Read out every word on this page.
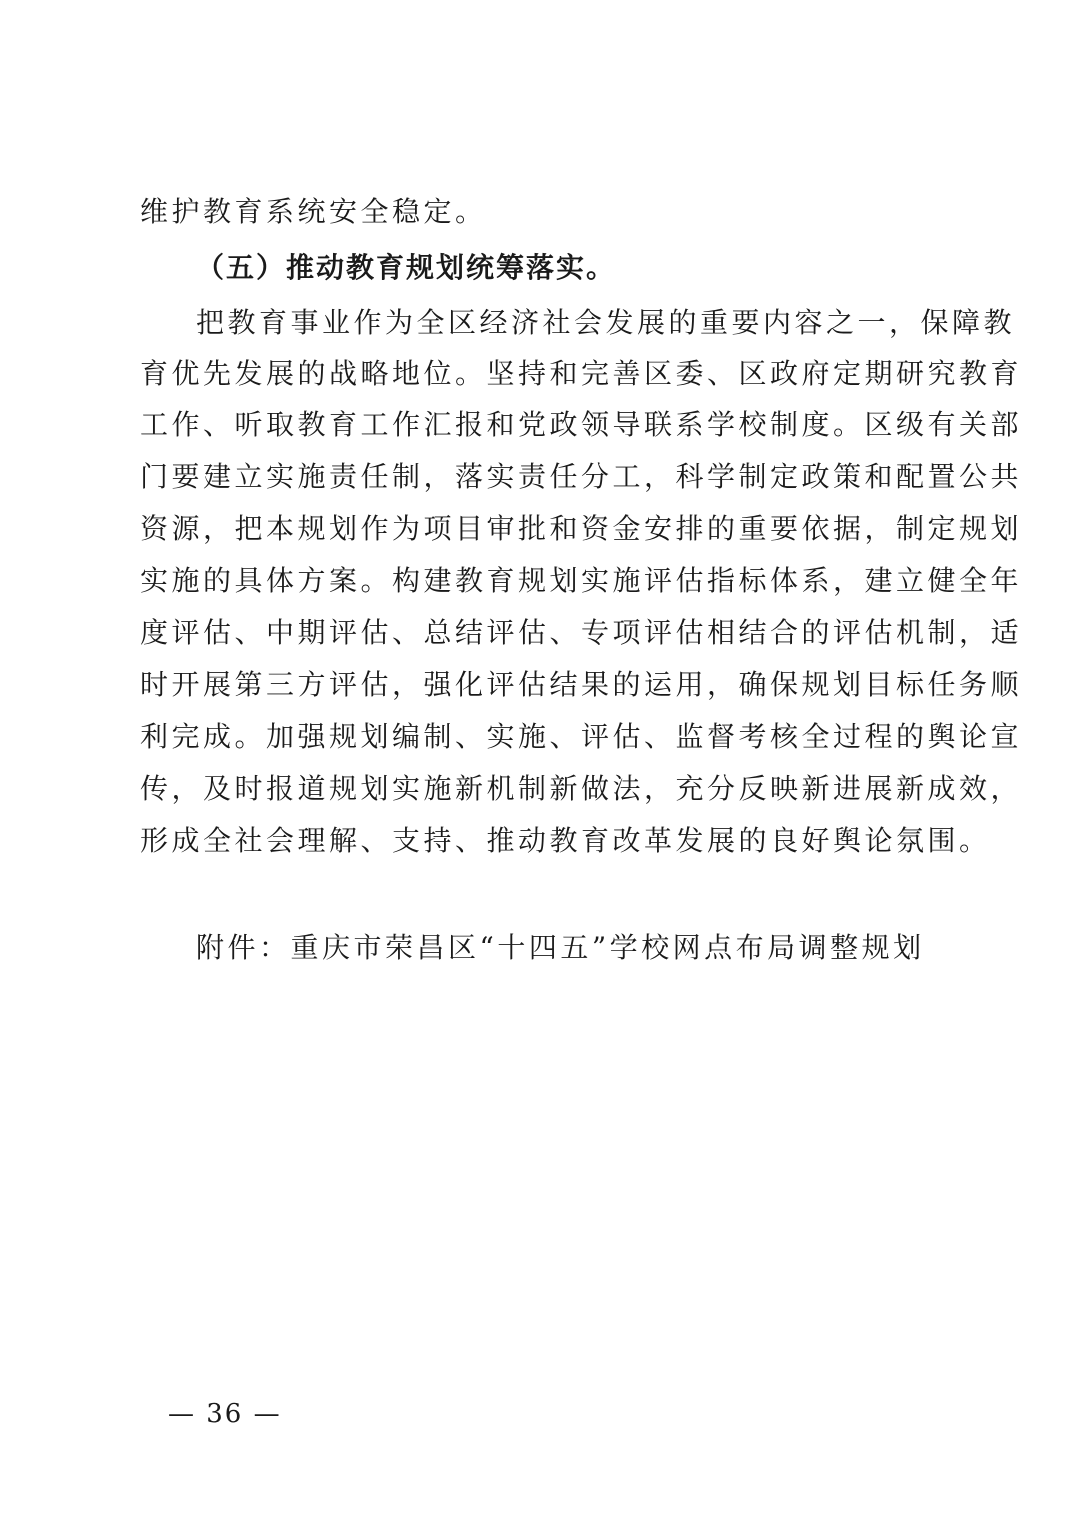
维护教育系统安全稳定。
（五）推动教育规划统筹落实。
把教育事业作为全区经济社会发展的重要内容之一，保障教
育优先发展的战略地位。坚持和完善区委、区政府定期研究教育
工作、听取教育工作汇报和党政领导联系学校制度。区级有关部
门要建立实施责任制，落实责任分工，科学制定政策和配置公共
资源，把本规划作为项目审批和资金安排的重要依据，制定规划
实施的具体方案。构建教育规划实施评估指标体系，建立健全年
度评估、中期评估、总结评估、专项评估相结合的评估机制，适
时开展第三方评估，强化评估结果的运用，确保规划目标任务顺
利完成。加强规划编制、实施、评估、监督考核全过程的舆论宣
传，及时报道规划实施新机制新做法，充分反映新进展新成效，
形成全社会理解、支持、推动教育改革发展的良好舆论氛围。
附件：重庆市荣昌区“十四五”学校网点布局调整规划
— 36 —
